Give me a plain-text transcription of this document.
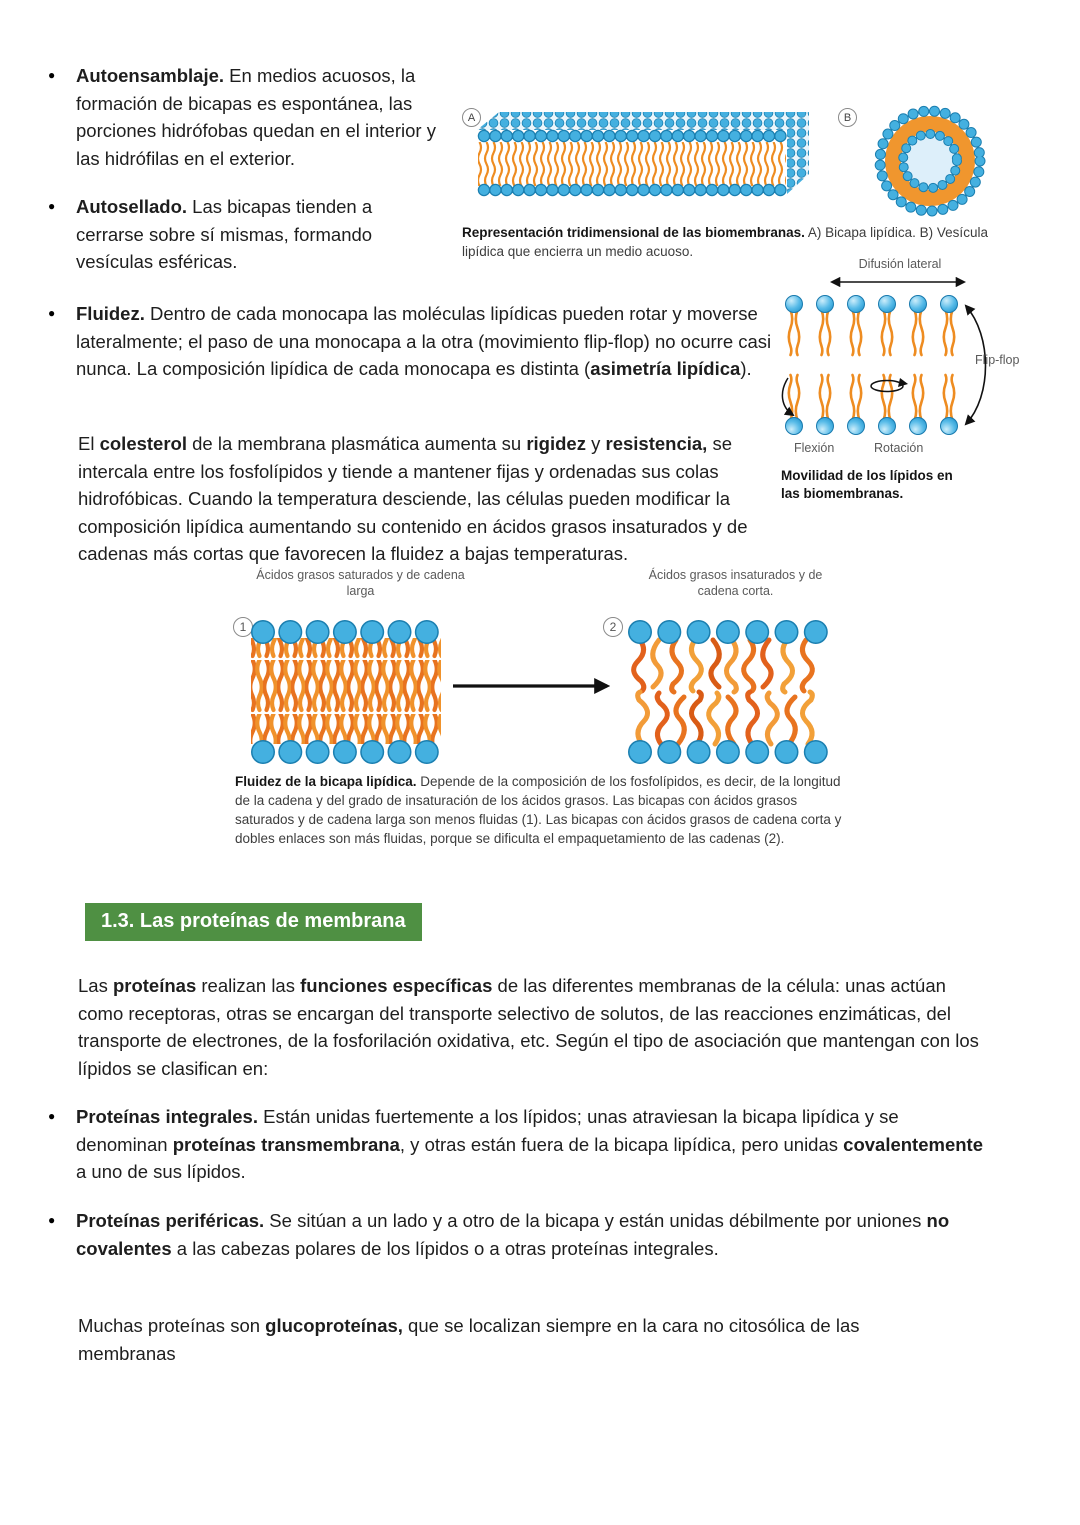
●	Autoensamblaje. En medios acuosos, la formación de bicapas es espontánea, las porciones hidrófobas quedan en el interior y las hidrófilas en el exterior.
●	Autosellado. Las bicapas tienden a cerrarse sobre sí mismas, formando vesículas esféricas.
●	Fluidez. Dentro de cada monocapa las moléculas lipídicas pueden rotar y moverse lateralmente; el paso de una monocapa a la otra (movimiento flip-flop) no ocurre casi nunca. La composición lipídica de cada monocapa es distinta (asimetría lipídica).
A	B
Representación tridimensional de las biomembranas. A) Bicapa lipídica. B) Vesícula lipídica que encierra un medio acuoso.
Difusión lateral
Flip-flop
Flexión	Rotación
Movilidad de los lípidos en las biomembranas.
El colesterol de la membrana plasmática aumenta su rigidez y resistencia, se intercala entre los fosfolípidos y tiende a mantener fijas y ordenadas sus colas hidrofóbicas. Cuando la temperatura desciende, las células pueden modificar la composición lipídica aumentando su contenido en ácidos grasos insaturados y de cadenas más cortas que favorecen la fluidez a bajas temperaturas.
Ácidos grasos saturados y de cadena larga
Ácidos grasos insaturados y de cadena corta.
1	2
Fluidez de la bicapa lipídica. Depende de la composición de los fosfolípidos, es decir, de la longitud de la cadena y del grado de insaturación de los ácidos grasos. Las bicapas con ácidos grasos saturados y de cadena larga son menos fluidas (1). Las bicapas con ácidos grasos de cadena corta y dobles enlaces son más fluidas, porque se dificulta el empaquetamiento de las cadenas (2).
1.3. Las proteínas de membrana
Las proteínas realizan las funciones específicas de las diferentes membranas de la célula: unas actúan como receptoras, otras se encargan del transporte selectivo de solutos, de las reacciones enzimáticas, del transporte de electrones, de la fosforilación oxidativa, etc. Según el tipo de asociación que mantengan con los lípidos se clasifican en:
●	Proteínas integrales. Están unidas fuertemente a los lípidos; unas atraviesan la bicapa lipídica y se denominan proteínas transmembrana, y otras están fuera de la bicapa lipídica, pero unidas covalentemente a uno de sus lípidos.
●	Proteínas periféricas. Se sitúan a un lado y a otro de la bicapa y están unidas débilmente por uniones no covalentes a las cabezas polares de los lípidos o a otras proteínas integrales.
Muchas proteínas son glucoproteínas, que se localizan siempre en la cara no citosólica de las membranas
